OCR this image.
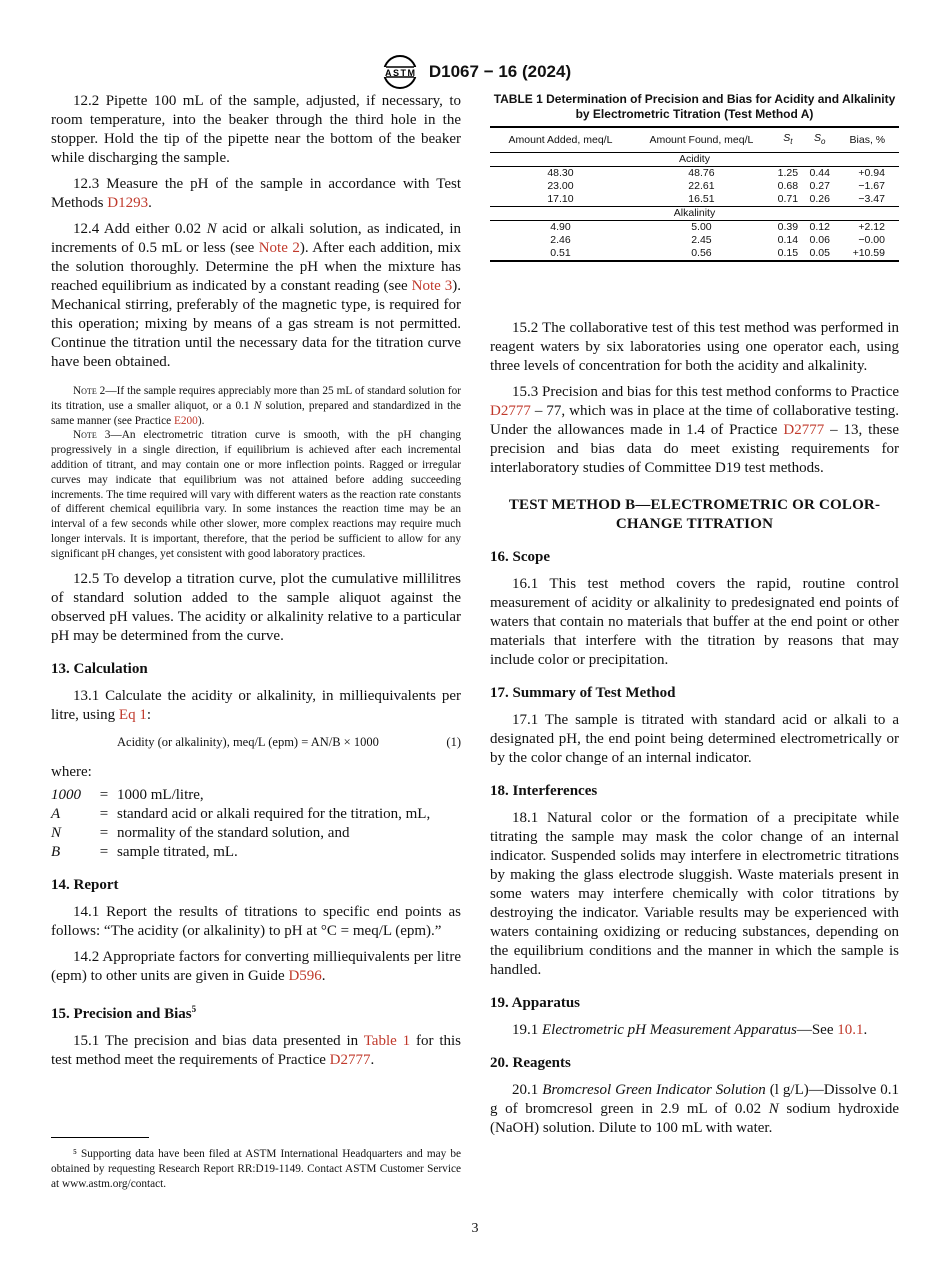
ASTM D1067 − 16 (2024)

12.2 Pipette 100 mL of the sample, adjusted, if necessary, to room temperature, into the beaker through the third hole in the stopper. Hold the tip of the pipette near the bottom of the beaker while discharging the sample.

12.3 Measure the pH of the sample in accordance with Test Methods D1293.

12.4 Add either 0.02 N acid or alkali solution, as indicated, in increments of 0.5 mL or less (see Note 2). After each addition, mix the solution thoroughly. Determine the pH when the mixture has reached equilibrium as indicated by a constant reading (see Note 3). Mechanical stirring, preferably of the magnetic type, is required for this operation; mixing by means of a gas stream is not permitted. Continue the titration until the necessary data for the titration curve have been obtained.

Note 2—If the sample requires appreciably more than 25 mL of standard solution for its titration, use a smaller aliquot, or a 0.1 N solution, prepared and standardized in the same manner (see Practice E200).
Note 3—An electrometric titration curve is smooth, with the pH changing progressively in a single direction, if equilibrium is achieved after each incremental addition of titrant, and may contain one or more inflection points. Ragged or irregular curves may indicate that equilibrium was not attained before adding succeeding increments. The time required will vary with different waters as the reaction rate constants of different chemical equilibria vary. In some instances the reaction time may be an interval of a few seconds while other slower, more complex reactions may require much longer intervals. It is important, therefore, that the period be sufficient to allow for any significant pH changes, yet consistent with good laboratory practices.

12.5 To develop a titration curve, plot the cumulative millilitres of standard solution added to the sample aliquot against the observed pH values. The acidity or alkalinity relative to a particular pH may be determined from the curve.

13. Calculation

13.1 Calculate the acidity or alkalinity, in milliequivalents per litre, using Eq 1:

Acidity (or alkalinity), meq/L (epm) = AN/B × 1000	(1)

where:

1000	=	1000 mL/litre,
A	=	standard acid or alkali required for the titration, mL,
N	=	normality of the standard solution, and
B	=	sample titrated, mL.
14. Report

14.1 Report the results of titrations to specific end points as follows: “The acidity (or alkalinity) to pH at °C = meq/L (epm).”

14.2 Appropriate factors for converting milliequivalents per litre (epm) to other units are given in Guide D596.

15. Precision and Bias$^5$

15.1 The precision and bias data presented in Table 1 for this test method meet the requirements of Practice D2777.

⁵ Supporting data have been filed at ASTM International Headquarters and may be obtained by requesting Research Report RR:D19-1149. Contact ASTM Customer Service at www.astm.org/contact.
TABLE 1 Determination of Precision and Bias for Acidity and Alkalinity by Electrometric Titration (Test Method A)
Amount Added, meq/L	Amount Found, meq/L	$S_t$	$S_o$	Bias, %
Acidity				
48.30	48.76	1.25	0.44	+0.94
23.00	22.61	0.68	0.27	−1.67
17.10	16.51	0.71	0.26	−3.47
Alkalinity				
4.90	5.00	0.39	0.12	+2.12
2.46	2.45	0.14	0.06	−0.00
0.51	0.56	0.15	0.05	+10.59

15.2 The collaborative test of this test method was performed in reagent waters by six laboratories using one operator each, using three levels of concentration for both the acidity and alkalinity.

15.3 Precision and bias for this test method conforms to Practice D2777 – 77, which was in place at the time of collaborative testing. Under the allowances made in 1.4 of Practice D2777 – 13, these precision and bias data do meet existing requirements for interlaboratory studies of Committee D19 test methods.

TEST METHOD B—ELECTROMETRIC OR COLOR-CHANGE TITRATION
16. Scope

16.1 This test method covers the rapid, routine control measurement of acidity or alkalinity to predesignated end points of waters that contain no materials that buffer at the end point or other materials that interfere with the titration by reasons that may include color or precipitation.

17. Summary of Test Method

17.1 The sample is titrated with standard acid or alkali to a designated pH, the end point being determined electrometrically or by the color change of an internal indicator.

18. Interferences

18.1 Natural color or the formation of a precipitate while titrating the sample may mask the color change of an internal indicator. Suspended solids may interfere in electrometric titrations by making the glass electrode sluggish. Waste materials present in some waters may interfere chemically with color titrations by destroying the indicator. Variable results may be experienced with waters containing oxidizing or reducing substances, depending on the equilibrium conditions and the manner in which the sample is handled.

19. Apparatus

19.1 Electrometric pH Measurement Apparatus—See 10.1.

20. Reagents

20.1 Bromcresol Green Indicator Solution (l g/L)—Dissolve 0.1 g of bromcresol green in 2.9 mL of 0.02 N sodium hydroxide (NaOH) solution. Dilute to 100 mL with water.

3
